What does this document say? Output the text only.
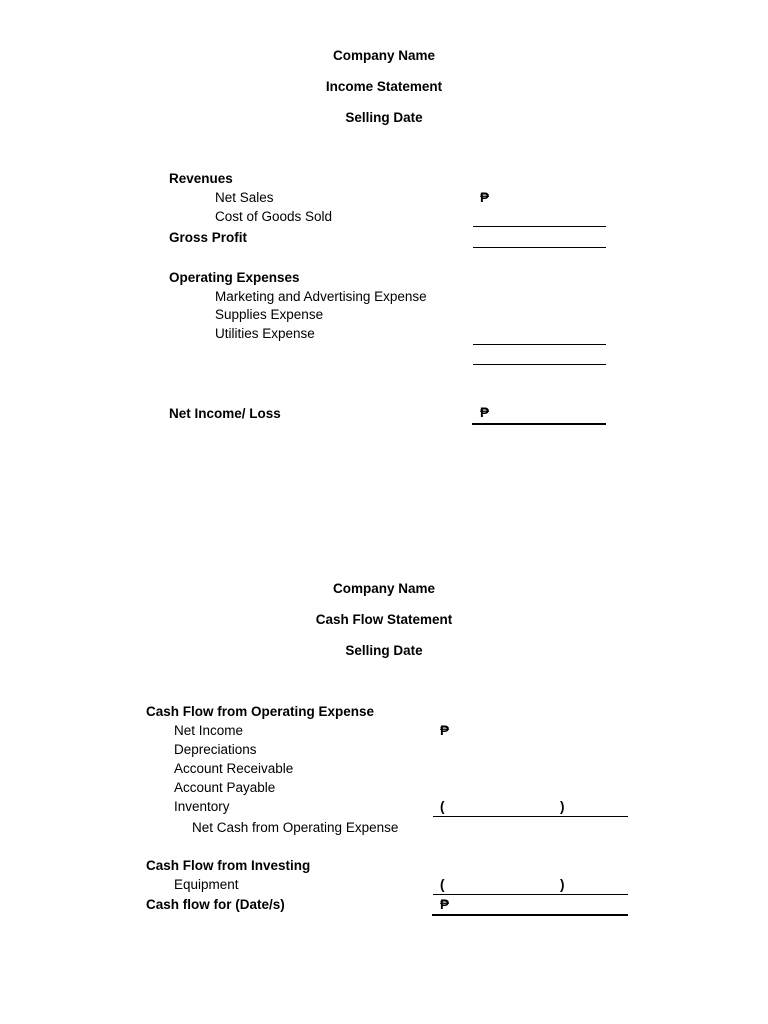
Company Name
Income Statement
Selling Date
Revenues
Net Sales	₱
Cost of Goods Sold
Gross Profit
Operating Expenses
Marketing and Advertising Expense
Supplies Expense
Utilities Expense
Net Income/ Loss	₱
Company Name
Cash Flow Statement
Selling Date
Cash Flow from Operating Expense
Net Income	₱
Depreciations
Account Receivable
Account Payable
Inventory	(	)
Net Cash from Operating Expense
Cash Flow from Investing
Equipment	(	)
Cash flow for (Date/s)	₱
